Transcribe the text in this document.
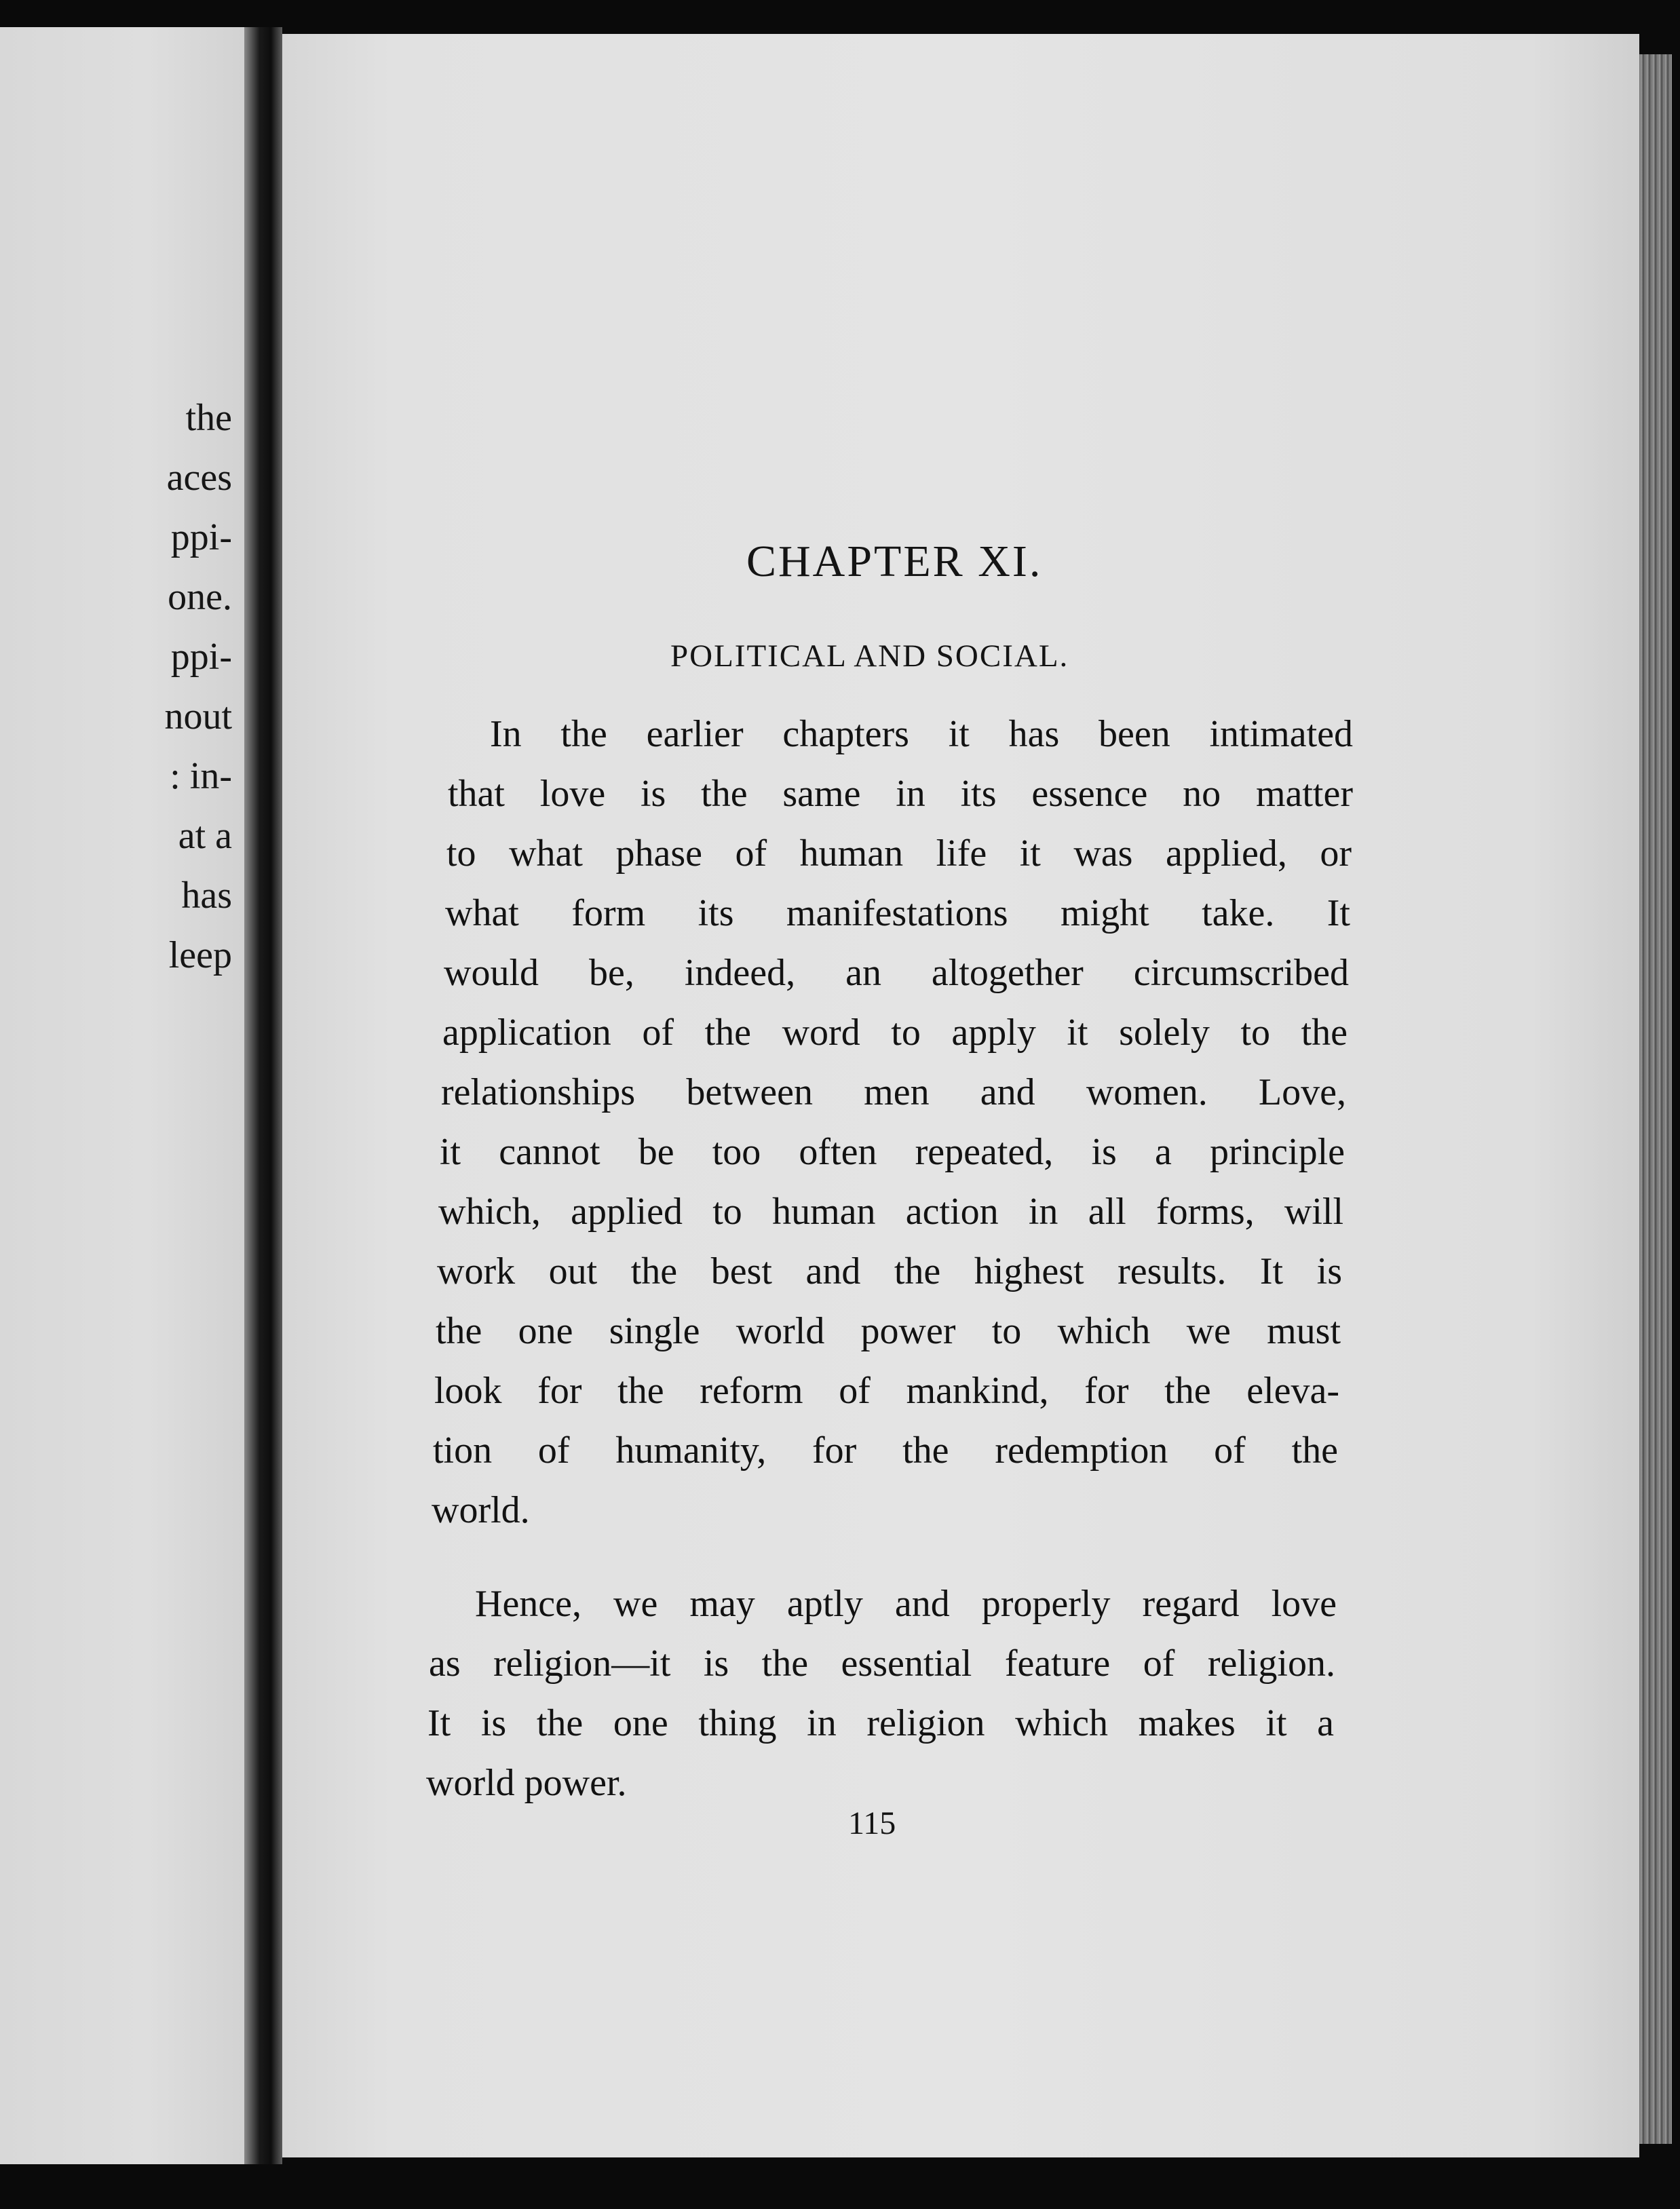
the
aces
ppi-
one.
ppi-
nout
: in-
at a
has
leep
CHAPTER XI.
POLITICAL AND SOCIAL.
In the earlier chapters it has been intimated
that love is the same in its essence no matter
to what phase of human life it was applied, or
what form its manifestations might take. It
would be, indeed, an altogether circumscribed
application of the word to apply it solely to the
relationships between men and women. Love,
it cannot be too often repeated, is a principle
which, applied to human action in all forms, will
work out the best and the highest results. It is
the one single world power to which we must
look for the reform of mankind, for the eleva-
tion of humanity, for the redemption of the
world.
Hence, we may aptly and properly regard love
as religion—it is the essential feature of religion.
It is the one thing in religion which makes it a
world power.
115
